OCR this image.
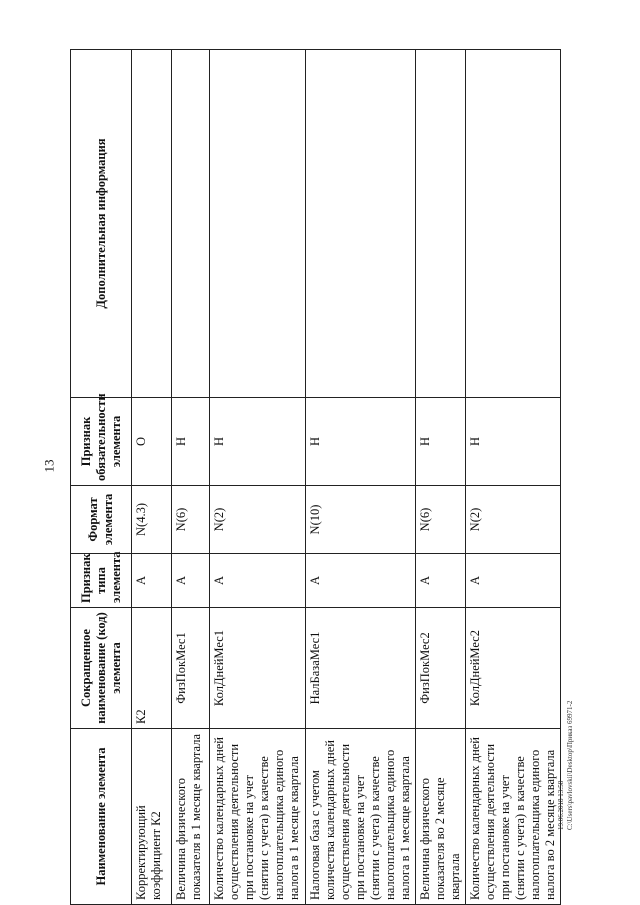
13
Наименование элемента	Сокращенное наименование (код) элемента	Признак типа элемента	Формат элемента	Признак обязательности элемента	Дополнительная информация
Корректирующий коэффициент К2	К2	А	N(4.3)	О	
Величина физического показателя в 1 месяце квартала	ФизПокМес1	А	N(6)	Н	
Количество календарных дней осуществления деятельности при постановке на учет (снятии с учета) в качестве налогоплательщика единого налога в 1 месяце квартала	КолДнейМес1	А	N(2)	Н	
Налоговая база с учетом количества календарных дней осуществления деятельности при постановке на учет (снятии с учета) в качестве налогоплательщика единого налога в 1 месяце квартала	НалБазаМес1	А	N(10)	Н	
Величина физического показателя во 2 месяце квартала	ФизПокМес2	А	N(6)	Н	
Количество календарных дней осуществления деятельности при постановке на учет (снятии с учета) в качестве налогоплательщика единого налога во 2 месяце квартала	КолДнейМес2	А	N(2)	Н	
19.06.2018 13:58 C:\Users\pavlovskii\Desktop\Приказ 69971-2
